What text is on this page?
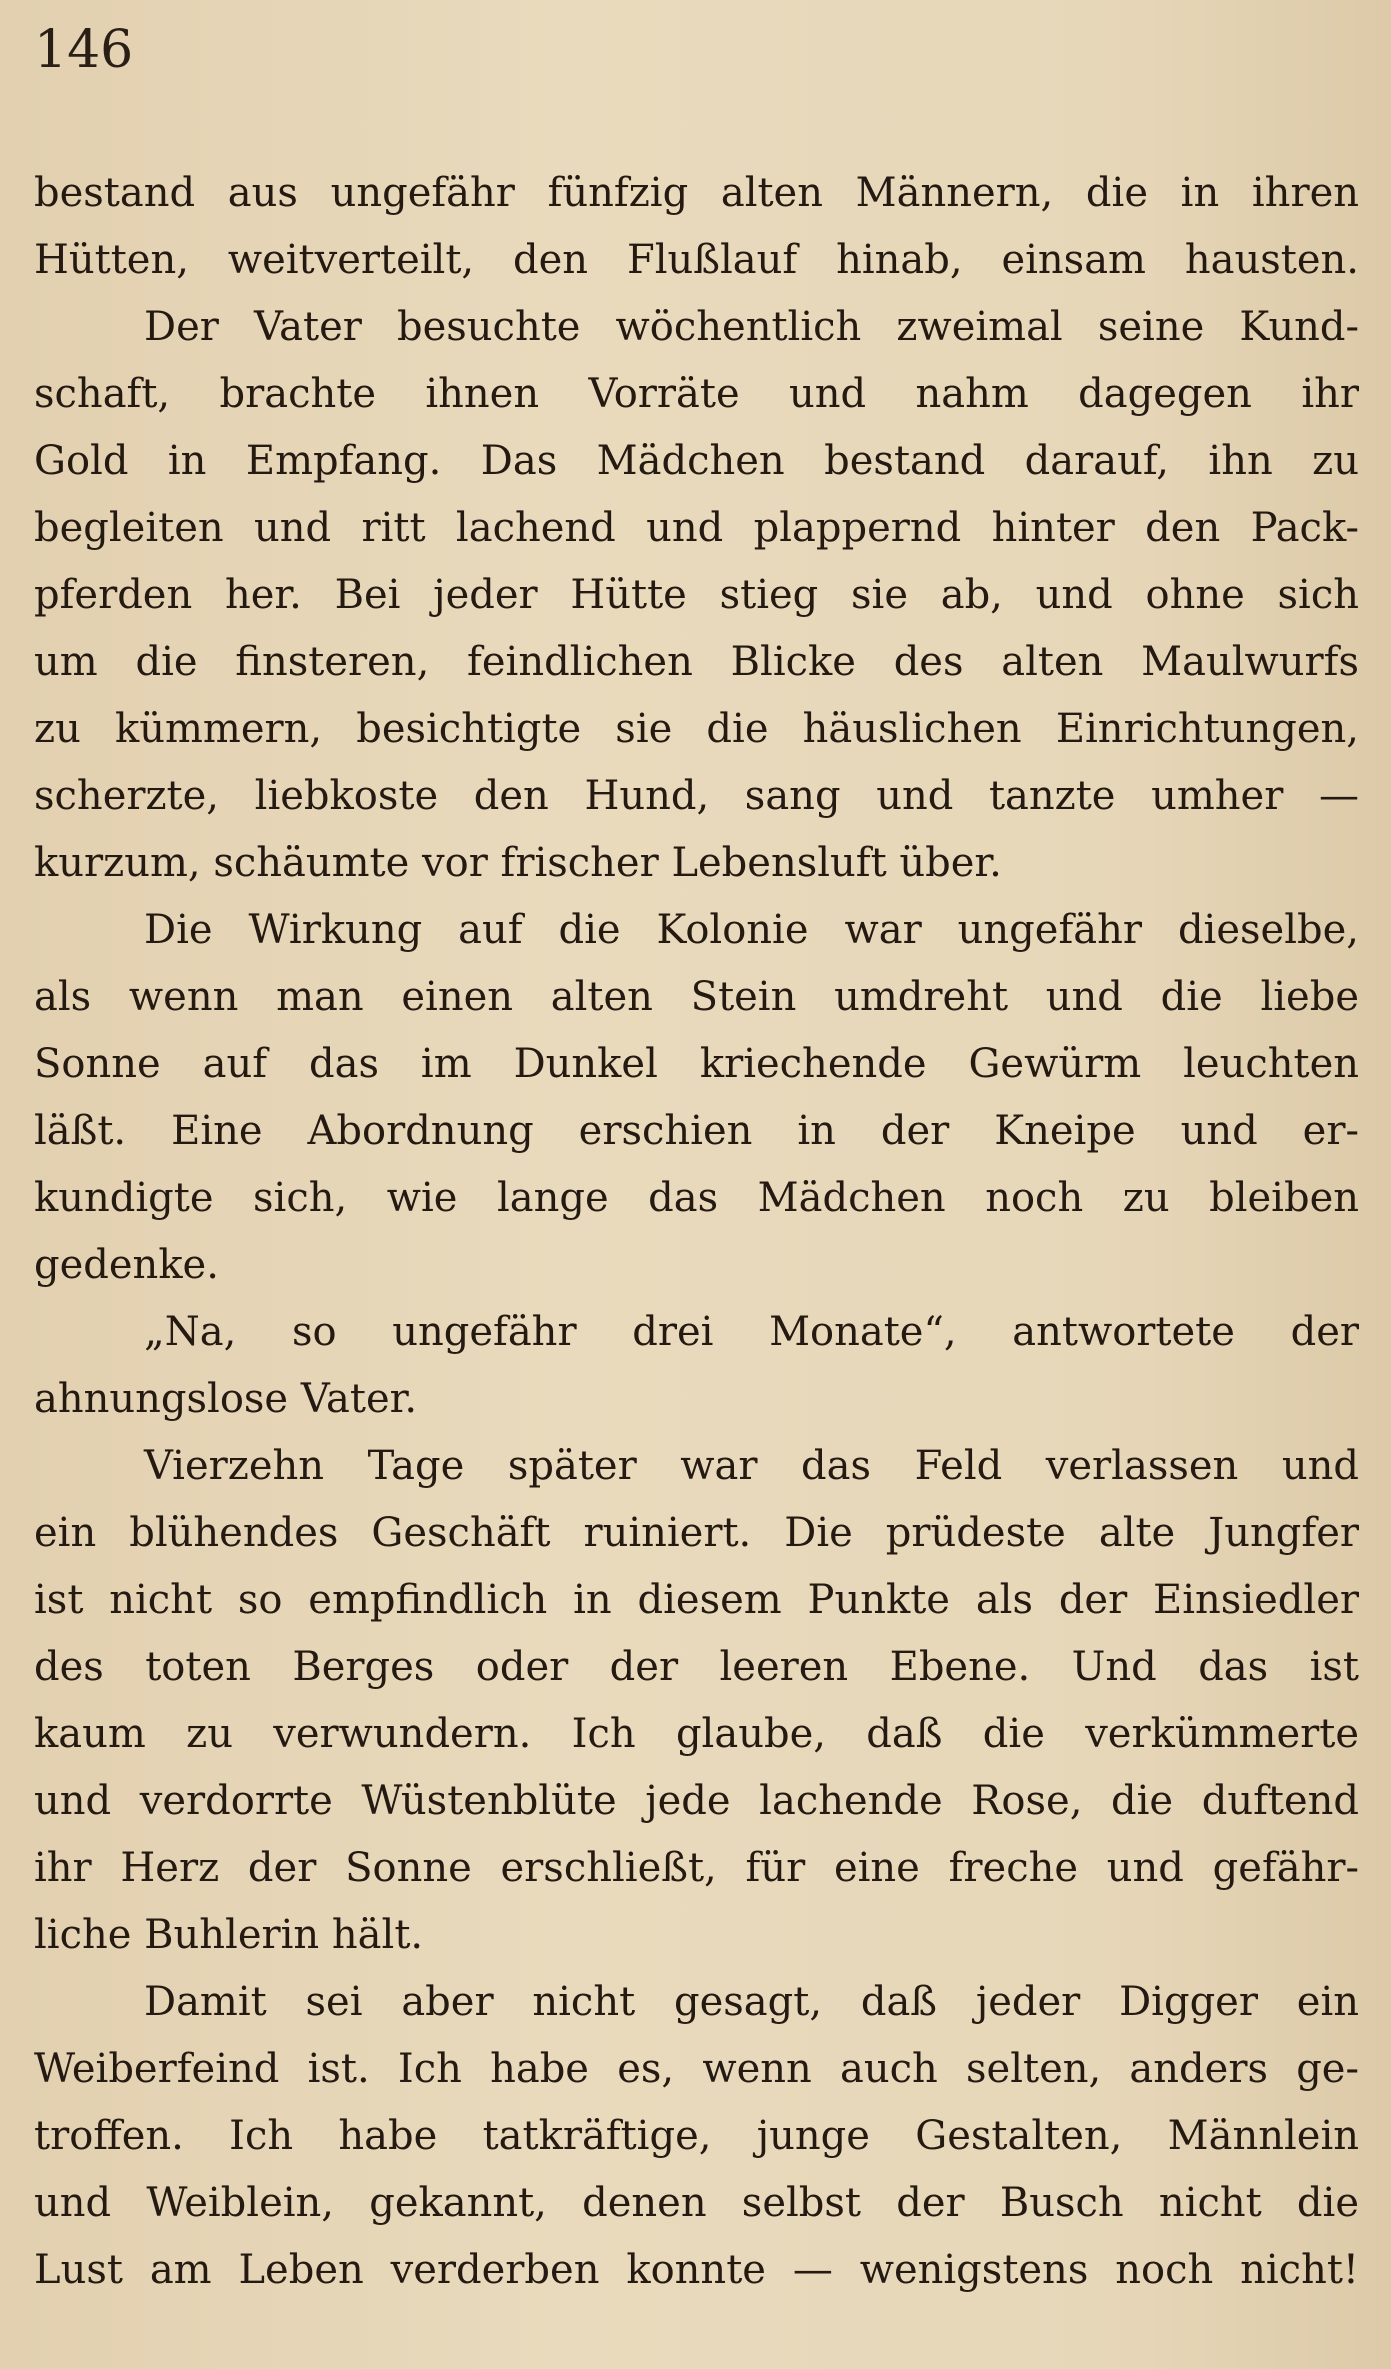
146
bestand aus ungefähr fünfzig alten Männern, die in ihren
Hütten, weitverteilt, den Flußlauf hinab, einsam hausten.
Der Vater besuchte wöchentlich zweimal seine Kund-
schaft, brachte ihnen Vorräte und nahm dagegen ihr
Gold in Empfang. Das Mädchen bestand darauf, ihn zu
begleiten und ritt lachend und plappernd hinter den Pack-
pferden her. Bei jeder Hütte stieg sie ab, und ohne sich
um die finsteren, feindlichen Blicke des alten Maulwurfs
zu kümmern, besichtigte sie die häuslichen Einrichtungen,
scherzte, liebkoste den Hund, sang und tanzte umher —
kurzum, schäumte vor frischer Lebensluft über.
Die Wirkung auf die Kolonie war ungefähr dieselbe,
als wenn man einen alten Stein umdreht und die liebe
Sonne auf das im Dunkel kriechende Gewürm leuchten
läßt. Eine Abordnung erschien in der Kneipe und er-
kundigte sich, wie lange das Mädchen noch zu bleiben
gedenke.
„Na, so ungefähr drei Monate“, antwortete der
ahnungslose Vater.
Vierzehn Tage später war das Feld verlassen und
ein blühendes Geschäft ruiniert. Die prüdeste alte Jungfer
ist nicht so empfindlich in diesem Punkte als der Einsiedler
des toten Berges oder der leeren Ebene. Und das ist
kaum zu verwundern. Ich glaube, daß die verkümmerte
und verdorrte Wüstenblüte jede lachende Rose, die duftend
ihr Herz der Sonne erschließt, für eine freche und gefähr-
liche Buhlerin hält.
Damit sei aber nicht gesagt, daß jeder Digger ein
Weiberfeind ist. Ich habe es, wenn auch selten, anders ge-
troffen. Ich habe tatkräftige, junge Gestalten, Männlein
und Weiblein, gekannt, denen selbst der Busch nicht die
Lust am Leben verderben konnte — wenigstens noch nicht!
